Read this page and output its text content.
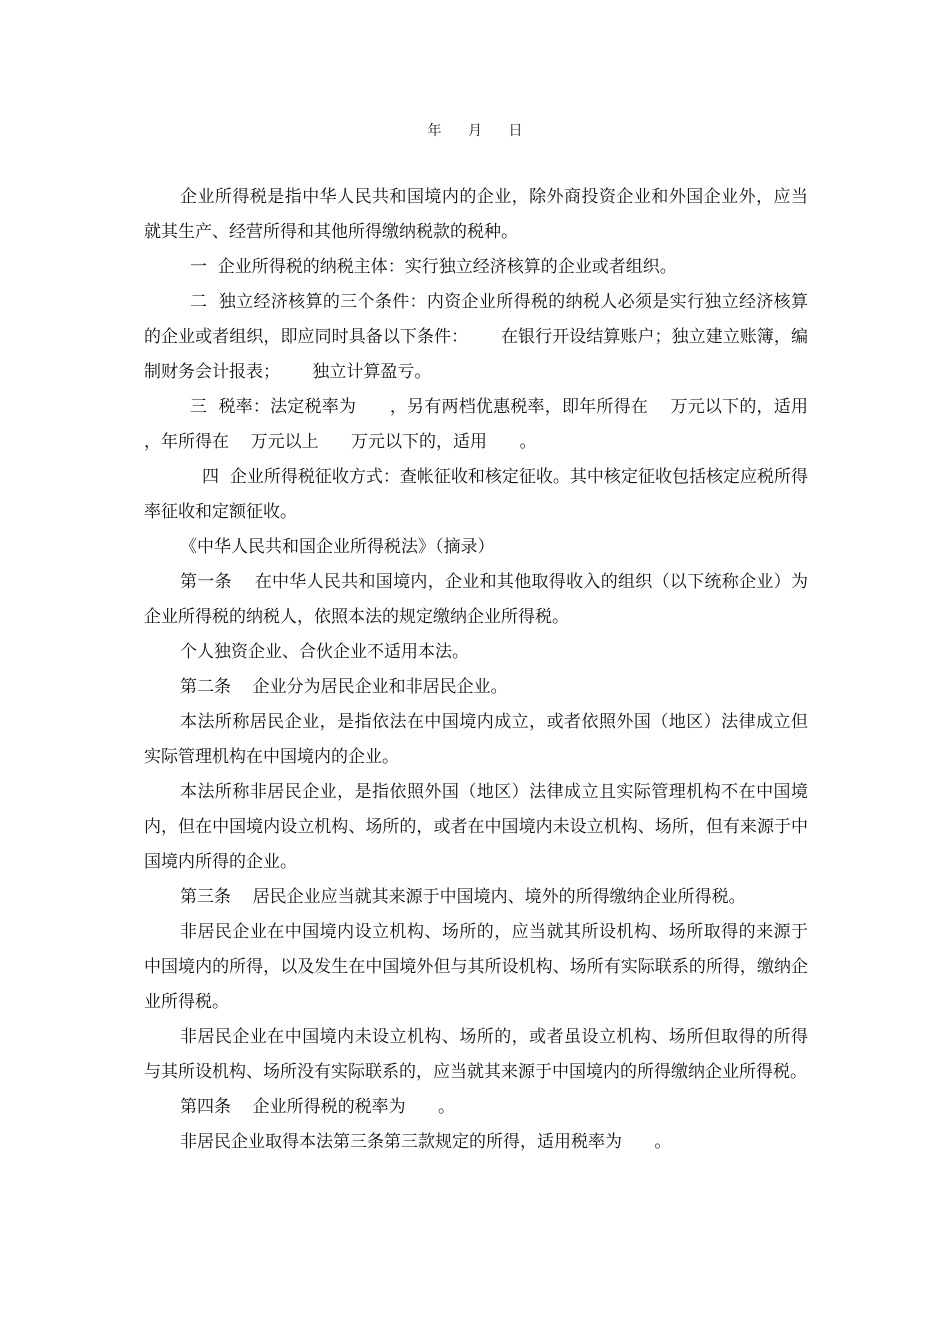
年 月 日

企业所得税是指中华人民共和国境内的企业，除外商投资企业和外国企业外，应当就其生产、经营所得和其他所得缴纳税款的税种。

一  企业所得税的纳税主体：实行独立经济核算的企业或者组织。

二  独立经济核算的三个条件：内资企业所得税的纳税人必须是实行独立经济核算的企业或者组织，即应同时具备以下条件：      在银行开设结算账户；独立建立账簿，编制财务会计报表；      独立计算盈亏。

三  税率：法定税率为      ，另有两档优惠税率，即年所得在    万元以下的，适用      ，年所得在    万元以上      万元以下的，适用      。

四  企业所得税征收方式：查帐征收和核定征收。其中核定征收包括核定应税所得率征收和定额征收。

《中华人民共和国企业所得税法》（摘录）

第一条    在中华人民共和国境内，企业和其他取得收入的组织（以下统称企业）为企业所得税的纳税人，依照本法的规定缴纳企业所得税。

个人独资企业、合伙企业不适用本法。

第二条    企业分为居民企业和非居民企业。

本法所称居民企业，是指依法在中国境内成立，或者依照外国（地区）法律成立但实际管理机构在中国境内的企业。

本法所称非居民企业，是指依照外国（地区）法律成立且实际管理机构不在中国境内，但在中国境内设立机构、场所的，或者在中国境内未设立机构、场所，但有来源于中国境内所得的企业。

第三条    居民企业应当就其来源于中国境内、境外的所得缴纳企业所得税。

非居民企业在中国境内设立机构、场所的，应当就其所设机构、场所取得的来源于中国境内的所得，以及发生在中国境外但与其所设机构、场所有实际联系的所得，缴纳企业所得税。

非居民企业在中国境内未设立机构、场所的，或者虽设立机构、场所但取得的所得与其所设机构、场所没有实际联系的，应当就其来源于中国境内的所得缴纳企业所得税。

第四条    企业所得税的税率为      。

非居民企业取得本法第三条第三款规定的所得，适用税率为      。
